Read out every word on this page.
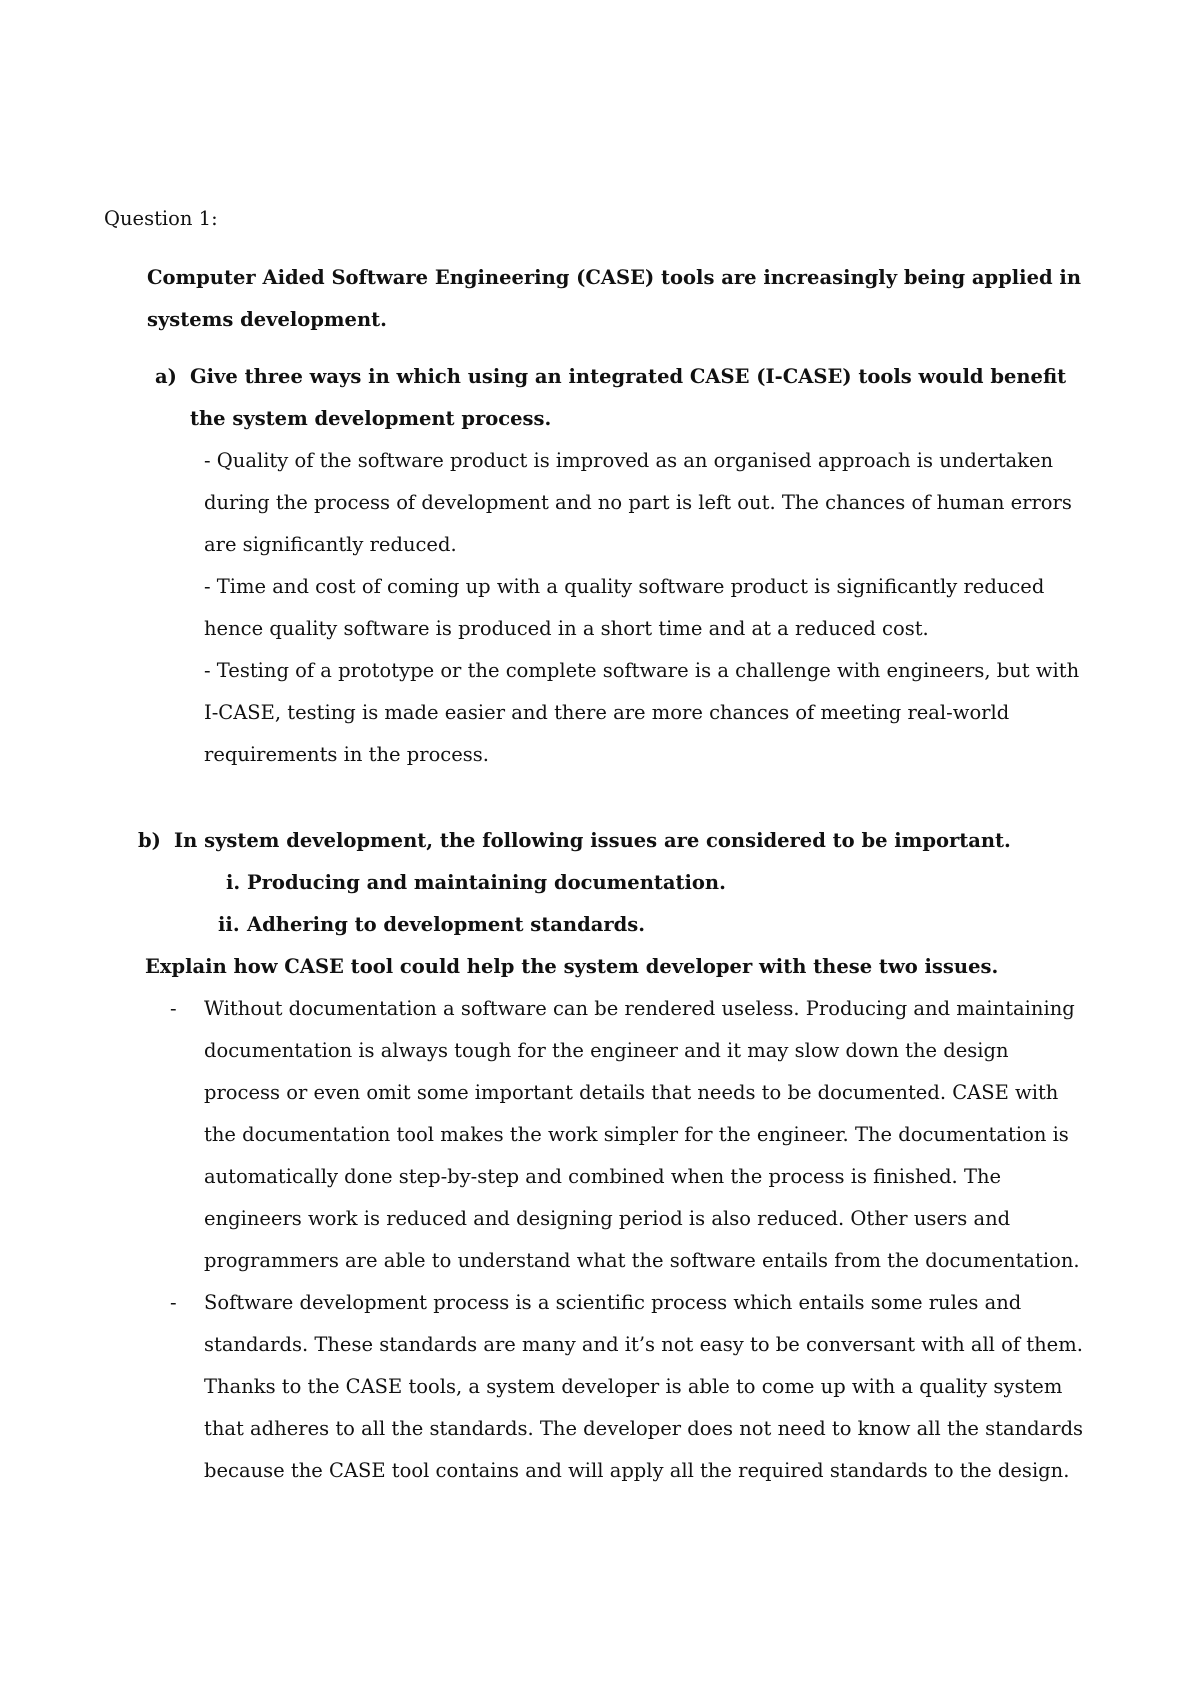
Question 1:
Computer Aided Software Engineering (CASE) tools are increasingly being applied in
systems development.
a) Give three ways in which using an integrated CASE (I-CASE) tools would benefit
the system development process.
- Quality of the software product is improved as an organised approach is undertaken
during the process of development and no part is left out. The chances of human errors
are significantly reduced.
- Time and cost of coming up with a quality software product is significantly reduced
hence quality software is produced in a short time and at a reduced cost.
- Testing of a prototype or the complete software is a challenge with engineers, but with
I-CASE, testing is made easier and there are more chances of meeting real-world
requirements in the process.
b) In system development, the following issues are considered to be important.
i. Producing and maintaining documentation.
ii. Adhering to development standards.
Explain how CASE tool could help the system developer with these two issues.
- Without documentation a software can be rendered useless. Producing and maintaining
documentation is always tough for the engineer and it may slow down the design
process or even omit some important details that needs to be documented. CASE with
the documentation tool makes the work simpler for the engineer. The documentation is
automatically done step-by-step and combined when the process is finished. The
engineers work is reduced and designing period is also reduced. Other users and
programmers are able to understand what the software entails from the documentation.
- Software development process is a scientific process which entails some rules and
standards. These standards are many and it’s not easy to be conversant with all of them.
Thanks to the CASE tools, a system developer is able to come up with a quality system
that adheres to all the standards. The developer does not need to know all the standards
because the CASE tool contains and will apply all the required standards to the design.
